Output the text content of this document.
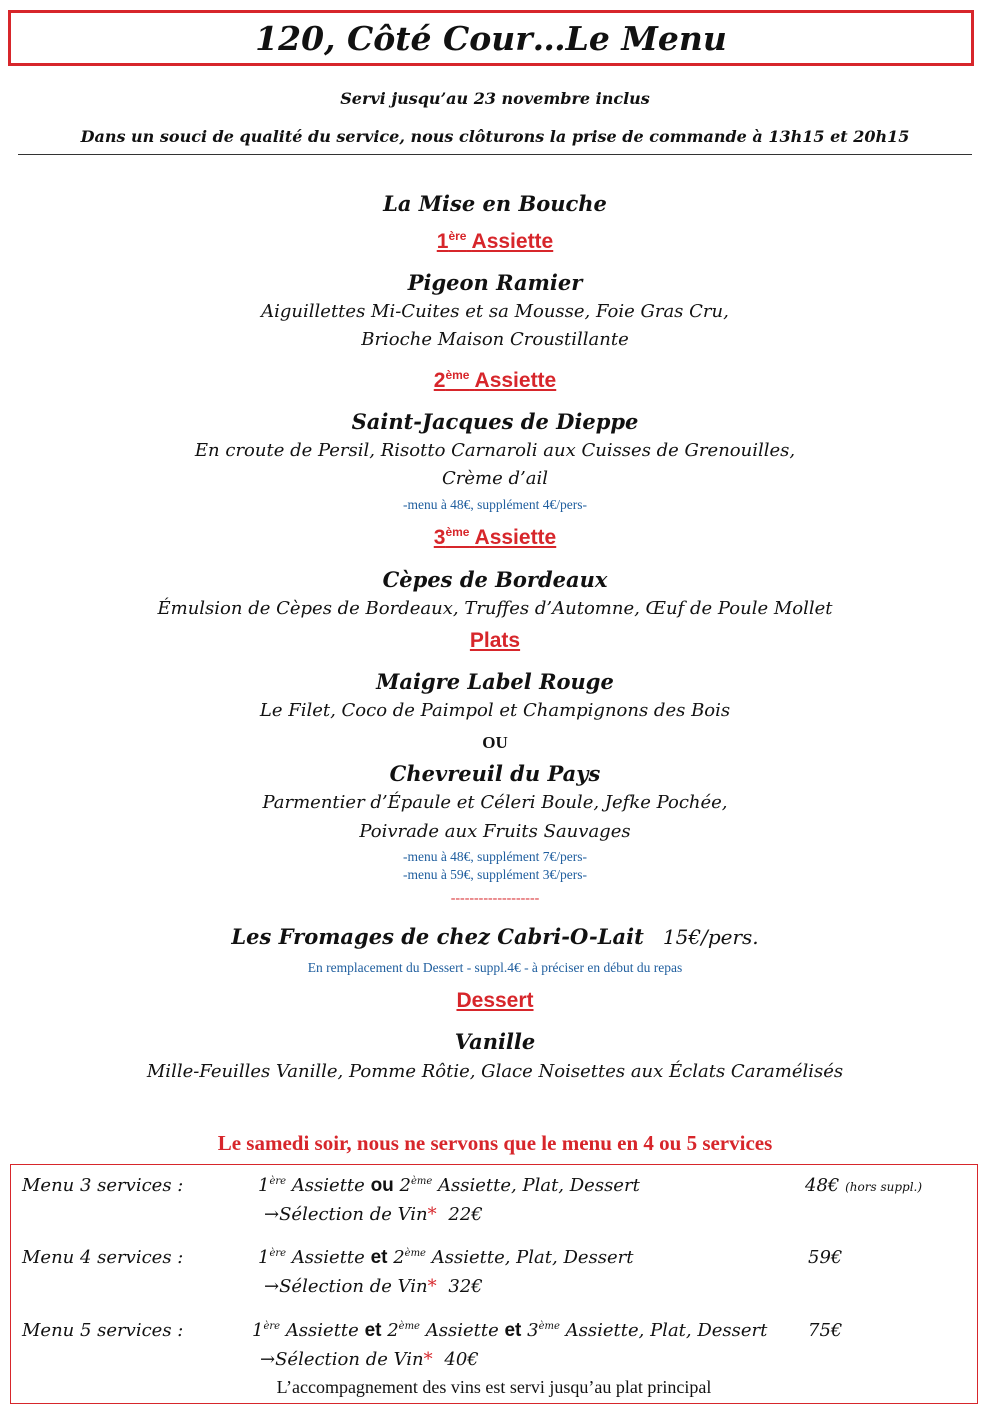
120, Côté Cour…Le Menu
Servi jusqu’au 23 novembre inclus
Dans un souci de qualité du service, nous clôturons la prise de commande à 13h15 et 20h15
La Mise en Bouche
1ère Assiette
Pigeon Ramier
Aiguillettes Mi-Cuites et sa Mousse, Foie Gras Cru,
Brioche Maison Croustillante
2ème Assiette
Saint-Jacques de Dieppe
En croute de Persil, Risotto Carnaroli aux Cuisses de Grenouilles,
Crème d’ail
-menu à 48€, supplément 4€/pers-
3ème Assiette
Cèpes de Bordeaux
Émulsion de Cèpes de Bordeaux, Truffes d’Automne, Œuf de Poule Mollet
Plats
Maigre Label Rouge
Le Filet, Coco de Paimpol et Champignons des Bois
OU
Chevreuil du Pays
Parmentier d’Épaule et Céleri Boule, Jefke Pochée,
Poivrade aux Fruits Sauvages
-menu à 48€, supplément 7€/pers-
-menu à 59€, supplément 3€/pers-
-------------------
Les Fromages de chez Cabri-O-Lait 15€/pers.
En remplacement du Dessert - suppl.4€ - à préciser en début du repas
Dessert
Vanille
Mille-Feuilles Vanille, Pomme Rôtie, Glace Noisettes aux Éclats Caramélisés
Le samedi soir, nous ne servons que le menu en 4 ou 5 services
Menu 3 services :	1ère Assiette ou 2ème Assiette, Plat, Dessert	48€ (hors suppl.)
→Sélection de Vin* 22€
Menu 4 services :	1ère Assiette et 2ème Assiette, Plat, Dessert	59€
→Sélection de Vin* 32€
Menu 5 services :	1ère Assiette et 2ème Assiette et 3ème Assiette, Plat, Dessert 75€
→Sélection de Vin* 40€
L’accompagnement des vins est servi jusqu’au plat principal
